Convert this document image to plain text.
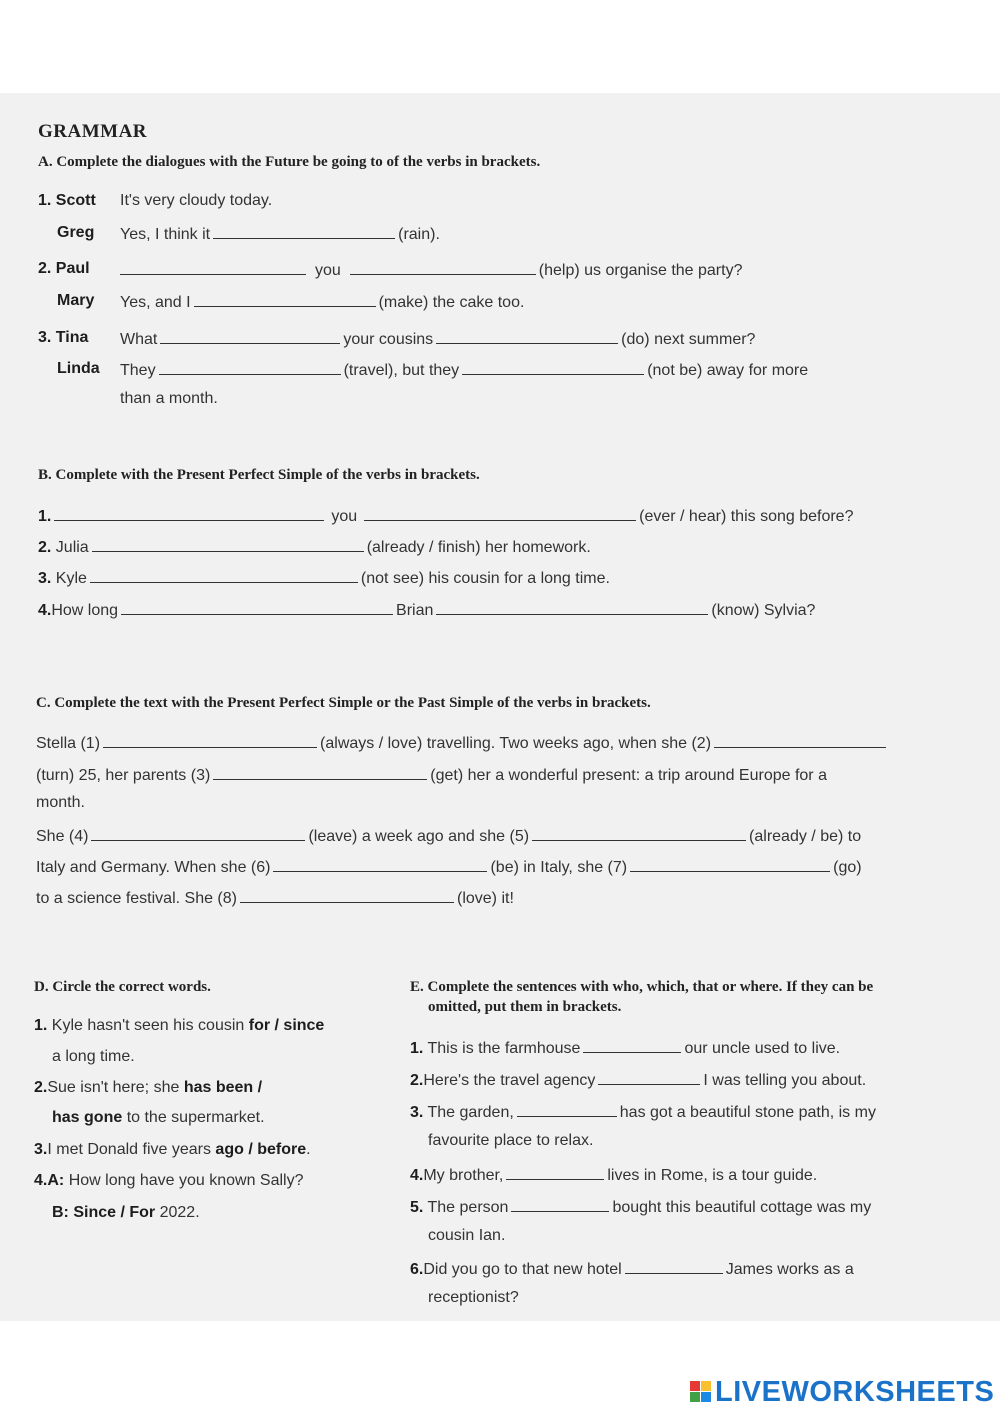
GRAMMAR
A. Complete the dialogues with the Future be going to of the verbs in brackets.
1. Scott It's very cloudy today.
Greg Yes, I think it	(rain).
2. Paul	you	(help) us organise the party?
Mary Yes, and I	(make) the cake too.
3. Tina What	your cousins	(do) next summer?
Linda They	(travel), but they	(not be) away for more
than a month.
B. Complete with the Present Perfect Simple of the verbs in brackets.
1.	you	(ever / hear) this song before?
2. Julia	(already / finish) her homework.
3. Kyle	(not see) his cousin for a long time.
4.How long	Brian	(know) Sylvia?
C. Complete the text with the Present Perfect Simple or the Past Simple of the verbs in brackets.
Stella (1)	(always / love) travelling. Two weeks ago, when she (2)
(turn) 25, her parents (3)	(get) her a wonderful present: a trip around Europe for a
month.
She (4)	(leave) a week ago and she (5)	(already / be) to
Italy and Germany. When she (6)	(be) in Italy, she (7)	(go)
to a science festival. She (8)	(love) it!
D. Circle the correct words.
1. Kyle hasn't seen his cousin for / since
a long time.
2.Sue isn't here; she has been /
has gone to the supermarket.
3.I met Donald five years ago / before.
4.A: How long have you known Sally?
B: Since / For 2022.
E. Complete the sentences with who, which, that or where. If they can be
omitted, put them in brackets.
1. This is the farmhouse	our uncle used to live.
2.Here's the travel agency	I was telling you about.
3. The garden,	has got a beautiful stone path, is my
favourite place to relax.
4.My brother,	lives in Rome, is a tour guide.
5. The person	bought this beautiful cottage was my
cousin Ian.
6.Did you go to that new hotel	James works as a
receptionist?
LIVEWORKSHEETS
